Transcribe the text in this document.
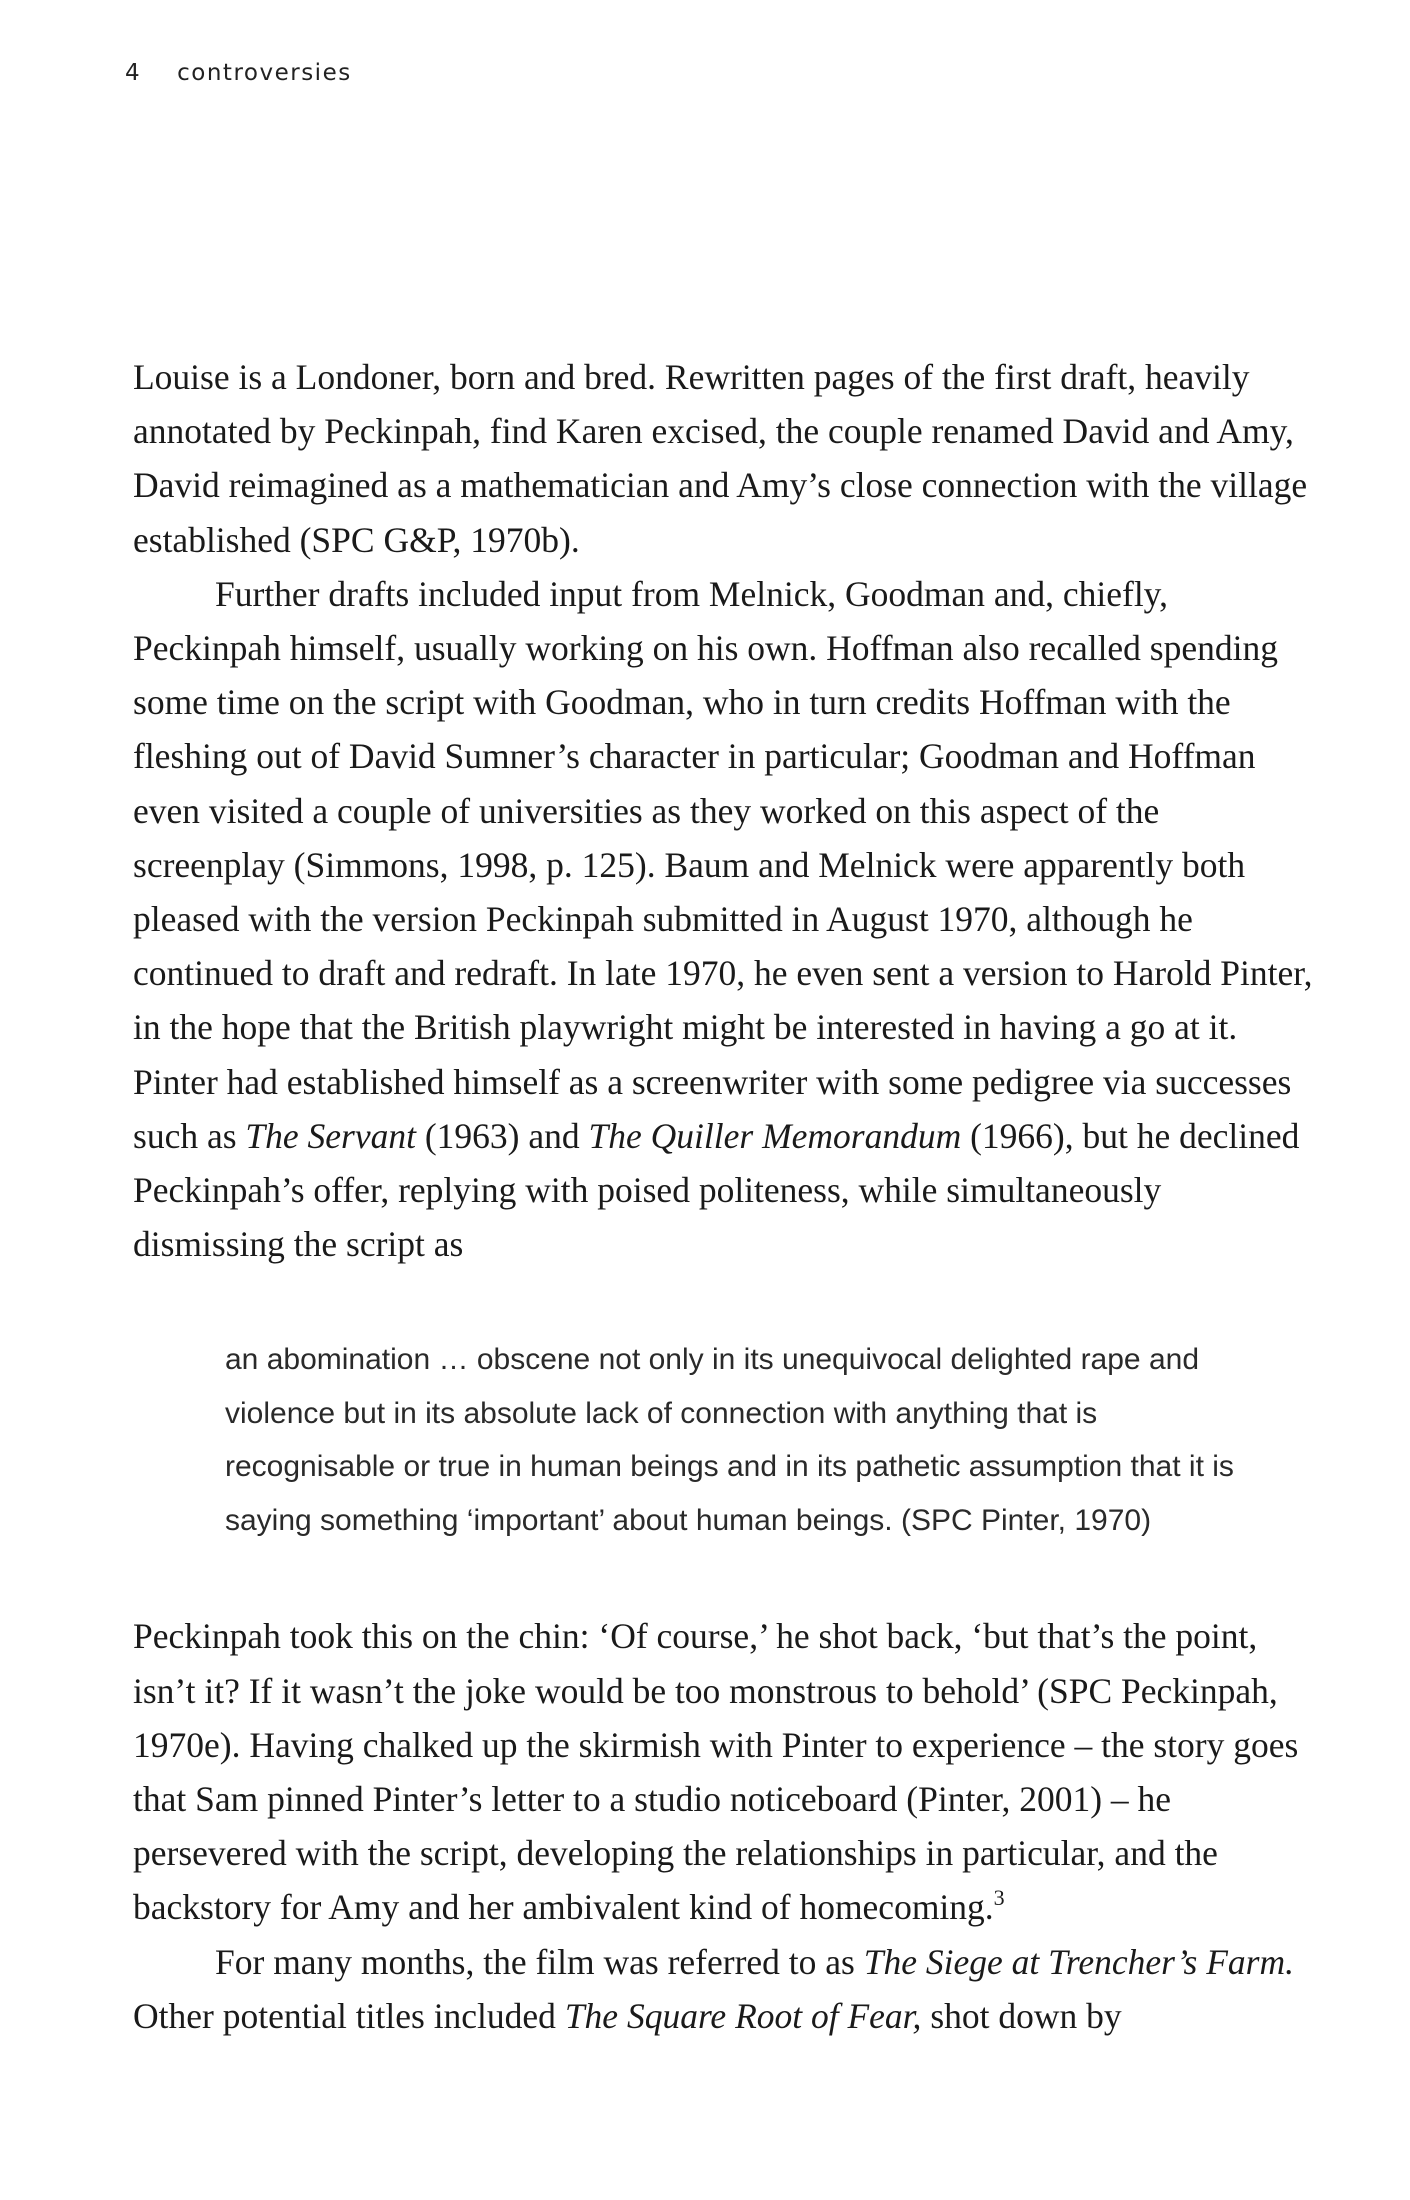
4 controversies

Louise is a Londoner, born and bred. Rewritten pages of the first draft, heavily annotated by Peckinpah, find Karen excised, the couple renamed David and Amy, David reimagined as a mathematician and Amy’s close connection with the village established (SPC G&P, 1970b).

Further drafts included input from Melnick, Goodman and, chiefly, Peckinpah himself, usually working on his own. Hoffman also recalled spending some time on the script with Goodman, who in turn credits Hoffman with the fleshing out of David Sumner’s character in particular; Goodman and Hoffman even visited a couple of universities as they worked on this aspect of the screenplay (Simmons, 1998, p. 125). Baum and Melnick were apparently both pleased with the version Peckinpah submitted in August 1970, although he continued to draft and redraft. In late 1970, he even sent a version to Harold Pinter, in the hope that the British playwright might be interested in having a go at it. Pinter had established himself as a screenwriter with some pedigree via successes such as The Servant (1963) and The Quiller Memorandum (1966), but he declined Peckinpah’s offer, replying with poised politeness, while simultaneously dismissing the script as

an abomination … obscene not only in its unequivocal delighted rape and violence but in its absolute lack of connection with anything that is recognisable or true in human beings and in its pathetic assumption that it is saying something ‘important’ about human beings. (SPC Pinter, 1970)

Peckinpah took this on the chin: ‘Of course,’ he shot back, ‘but that’s the point, isn’t it? If it wasn’t the joke would be too monstrous to behold’ (SPC Peckinpah, 1970e). Having chalked up the skirmish with Pinter to experience – the story goes that Sam pinned Pinter’s letter to a studio noticeboard (Pinter, 2001) – he persevered with the script, developing the relationships in particular, and the backstory for Amy and her ambivalent kind of homecoming.$^3$

For many months, the film was referred to as The Siege at Trencher’s Farm. Other potential titles included The Square Root of Fear, shot down by
